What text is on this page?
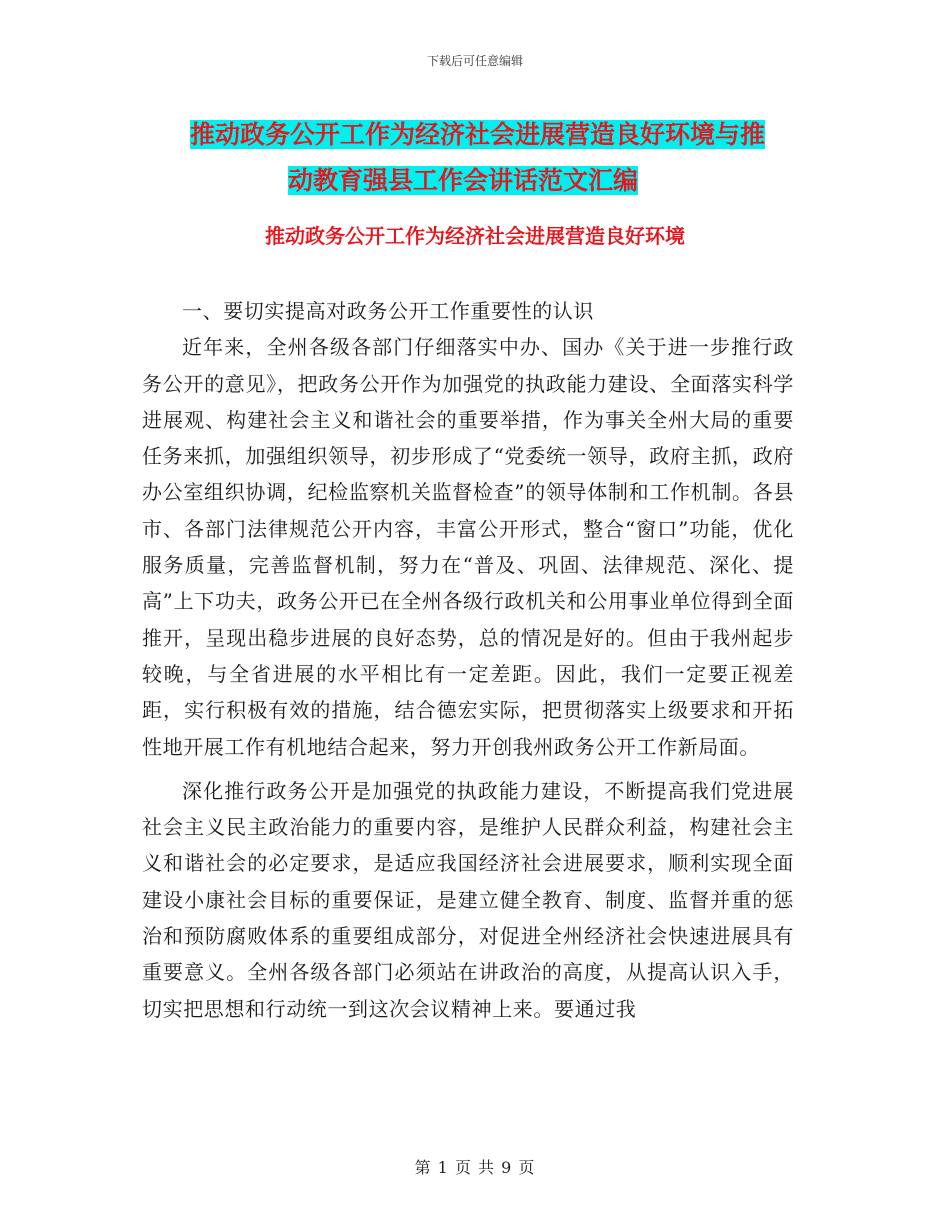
下载后可任意编辑
推动政务公开工作为经济社会进展营造良好环境与推
动教育强县工作会讲话范文汇编
推动政务公开工作为经济社会进展营造良好环境

一、要切实提高对政务公开工作重要性的认识

近年来，全州各级各部门仔细落实中办、国办《关于进一步推行政务公开的意见》，把政务公开作为加强党的执政能力建设、全面落实科学进展观、构建社会主义和谐社会的重要举措，作为事关全州大局的重要任务来抓，加强组织领导，初步形成了“党委统一领导，政府主抓，政府办公室组织协调，纪检监察机关监督检查”的领导体制和工作机制。各县市、各部门法律规范公开内容，丰富公开形式，整合“窗口”功能，优化服务质量，完善监督机制，努力在“普及、巩固、法律规范、深化、提高”上下功夫，政务公开已在全州各级行政机关和公用事业单位得到全面推开，呈现出稳步进展的良好态势，总的情况是好的。但由于我州起步较晚，与全省进展的水平相比有一定差距。因此，我们一定要正视差距，实行积极有效的措施，结合德宏实际，把贯彻落实上级要求和开拓性地开展工作有机地结合起来，努力开创我州政务公开工作新局面。

深化推行政务公开是加强党的执政能力建设，不断提高我们党进展社会主义民主政治能力的重要内容，是维护人民群众利益，构建社会主义和谐社会的必定要求，是适应我国经济社会进展要求，顺利实现全面建设小康社会目标的重要保证，是建立健全教育、制度、监督并重的惩治和预防腐败体系的重要组成部分，对促进全州经济社会快速进展具有重要意义。全州各级各部门必须站在讲政治的高度，从提高认识入手，切实把思想和行动统一到这次会议精神上来。要通过我

第 1 页 共 9 页
